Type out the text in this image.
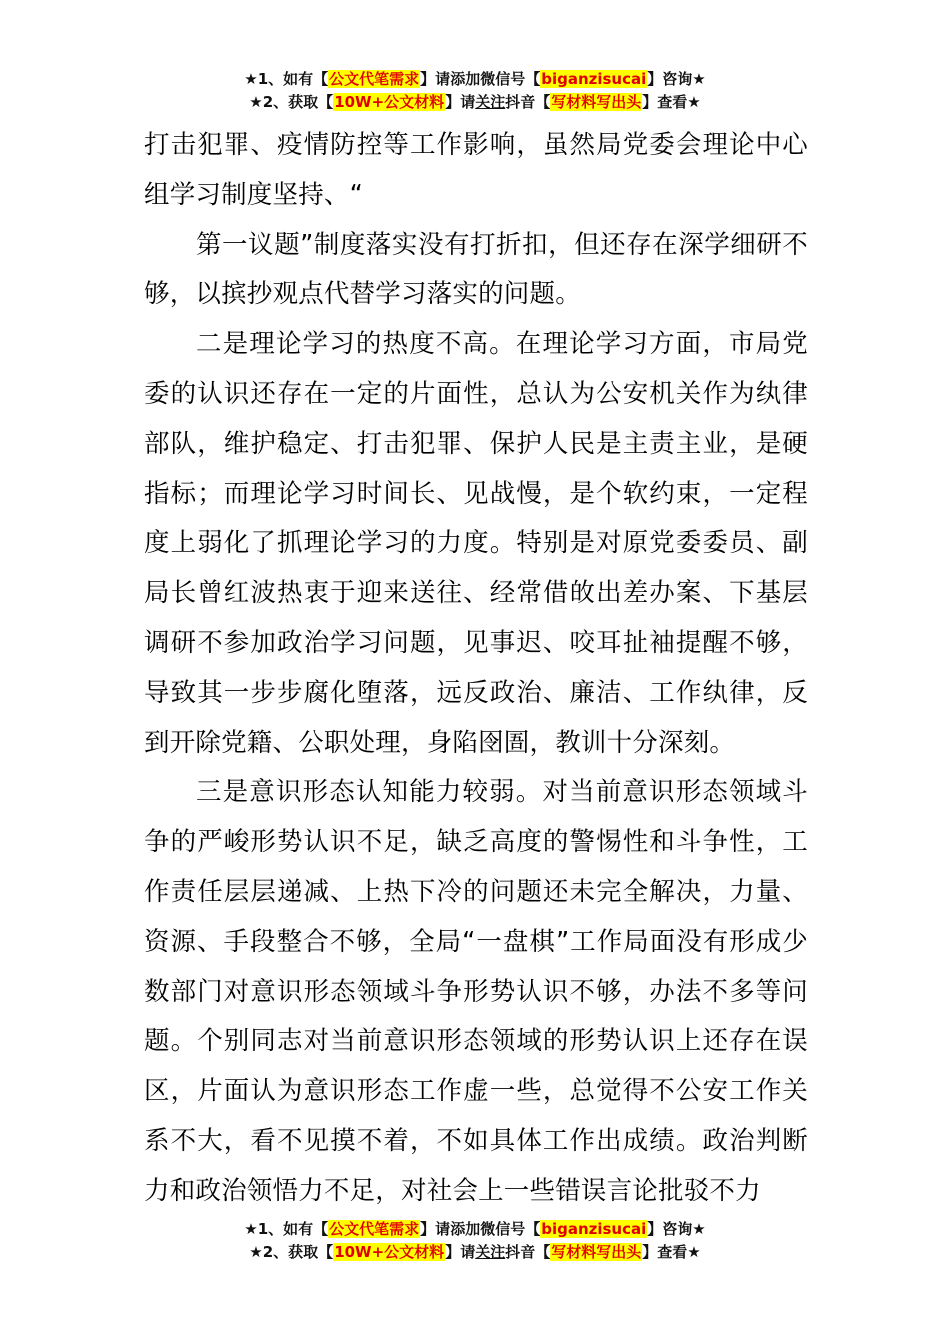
★1、如有【公文代笔需求】请添加微信号【biganzisucai】咨询★
★2、获取【10W+公文材料】请关注抖音【写材料写出头】查看★

打击犯罪、疫情防控等工作影响，虽然局党委会理论中心组学习制度坚持、“

第一议题”制度落实没有打折扣，但还存在深学细研不够，以摈抄观点代替学习落实的问题。

二是理论学习的热度不高。在理论学习方面，市局党委的认识还存在一定的片面性，总认为公安机关作为纨律部队，维护稳定、打击犯罪、保护人民是主责主业，是硬指标；而理论学习时间长、见战慢，是个软约束，一定程度上弱化了抓理论学习的力度。特别是对原党委委员、副局长曾红波热衷于迎来送往、经常借敀出差办案、下基层调研不参加政治学习问题，见事迟、咬耳扯袖提醒不够，导致其一步步腐化堕落，远反政治、廉洁、工作纨律，反到开除党籍、公职处理，身陷囹圄，教训十分深刻。

三是意识形态认知能力较弱。对当前意识形态领域斗争的严峻形势认识不足，缺乏高度的警惕性和斗争性，工作责任层层递减、上热下冷的问题还未完全解决，力量、资源、手段整合不够，全局“一盘棋”工作局面没有形成少数部门对意识形态领域斗争形势认识不够，办法不多等问题。个别同志对当前意识形态领域的形势认识上还存在误区，片面认为意识形态工作虚一些，总觉得不公安工作关系不大，看不见摸不着，不如具体工作出成绩。政治判断力和政治领悟力不足，对社会上一些错误言论批驳不力

★1、如有【公文代笔需求】请添加微信号【biganzisucai】咨询★
★2、获取【10W+公文材料】请关注抖音【写材料写出头】查看★
